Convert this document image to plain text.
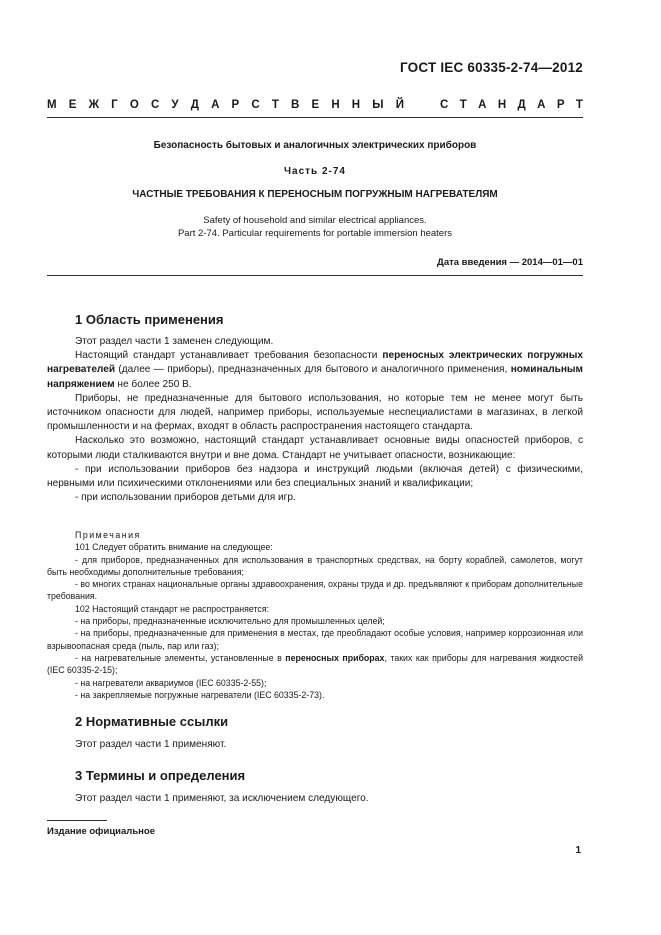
ГОСТ IEC 60335-2-74—2012
М Е Ж Г О С У Д А Р С Т В Е Н Н Ы Й	С Т А Н Д А Р Т
Безопасность бытовых и аналогичных электрических приборов
Часть 2-74
ЧАСТНЫЕ ТРЕБОВАНИЯ К ПЕРЕНОСНЫМ ПОГРУЖНЫМ НАГРЕВАТЕЛЯМ
Safety of household and similar electrical appliances.
Part 2-74. Particular requirements for portable immersion heaters
Дата введения — 2014—01—01
1 Область применения

Этот раздел части 1 заменен следующим.

Настоящий стандарт устанавливает требования безопасности переносных электрических погружных нагревателей (далее — приборы), предназначенных для бытового и аналогичного применения, номинальным напряжением не более 250 В.

Приборы, не предназначенные для бытового использования, но которые тем не менее могут быть источником опасности для людей, например приборы, используемые неспециалистами в магазинах, в легкой промышленности и на фермах, входят в область распространения настоящего стандарта.

Насколько это возможно, настоящий стандарт устанавливает основные виды опасностей приборов, с которыми люди сталкиваются внутри и вне дома. Стандарт не учитывает опасности, возникающие:

- при использовании приборов без надзора и инструкций людьми (включая детей) с физическими, нервными или психическими отклонениями или без специальных знаний и квалификации;

- при использовании приборов детьми для игр.

Примечания

101 Следует обратить внимание на следующее:

- для приборов, предназначенных для использования в транспортных средствах, на борту кораблей, самолетов, могут быть необходимы дополнительные требования;

- во многих странах национальные органы здравоохранения, охраны труда и др. предъявляют к приборам дополнительные требования.

102 Настоящий стандарт не распространяется:

- на приборы, предназначенные исключительно для промышленных целей;

- на приборы, предназначенные для применения в местах, где преобладают особые условия, например коррозионная или взрывоопасная среда (пыль, пар или газ);

- на нагревательные элементы, установленные в переносных приборах, таких как приборы для нагревания жидкостей (IEC 60335-2-15);

- на нагреватели аквариумов (IEC 60335-2-55);

- на закрепляемые погружные нагреватели (IEC 60335-2-73).

2 Нормативные ссылки

Этот раздел части 1 применяют.

3 Термины и определения

Этот раздел части 1 применяют, за исключением следующего.

Издание официальное
1
